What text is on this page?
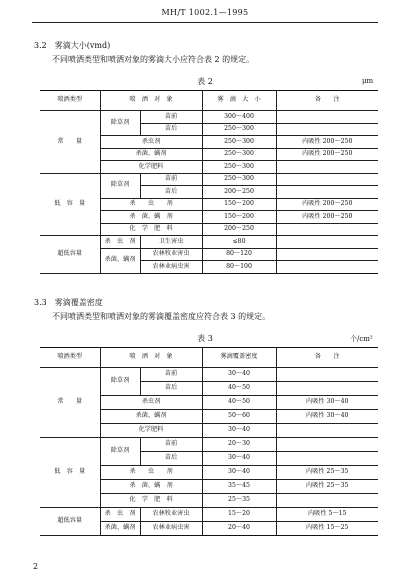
MH/T 1002.1—1995
3.2　雾滴大小(vmd)
不同喷洒类型和喷洒对象的雾滴大小应符合表 2 的规定。
表 2	μm
喷洒类型	喷　洒　对　象		雾　滴　大　小	备　　注
常　　量	除草剂	苗前	300～400	
		苗后	250～300	
	杀虫剂		250～300	内吸性 200～250
	杀菌、螨剂		250～300	内吸性 200～250
	化学肥料		250～300	
低　容　量	除草剂	苗前	250～300	
		苗后	200～250	
	杀　　虫　　剂		150～200	内吸性 200～250
	杀　菌、螨　剂		150～200	内吸性 200～250
	化　学　肥　料		200～250	
超低容量	杀　虫　剂	卫生害虫	≤80	
	杀菌、螨剂	农林牧业害虫	80～120	
		农林业病虫害	80～100	
3.3　雾滴覆盖密度
不同喷洒类型和喷洒对象的雾滴覆盖密度应符合表 3 的规定。
表 3	个/cm²
喷洒类型	喷　洒　对　象		雾滴覆盖密度	备　　注
常　　量	除草剂	苗前	30～40	
		苗后	40～50	
	杀虫剂		40～50	内吸性 30～40
	杀菌、螨剂		50～60	内吸性 30～40
	化学肥料		30～40	
低　容　量	除草剂	苗前	20～30	
		苗后	30～40	
	杀　　虫　　剂		30～40	内吸性 25～35
	杀　菌、螨　剂		35～45	内吸性 25～35
	化　学　肥　料		25～35	
超低容量	杀　虫　剂	农林牧业害虫	15～20	内吸性 5～15
	杀菌、螨剂	农林业病虫害	20～40	内吸性 15～25
2
